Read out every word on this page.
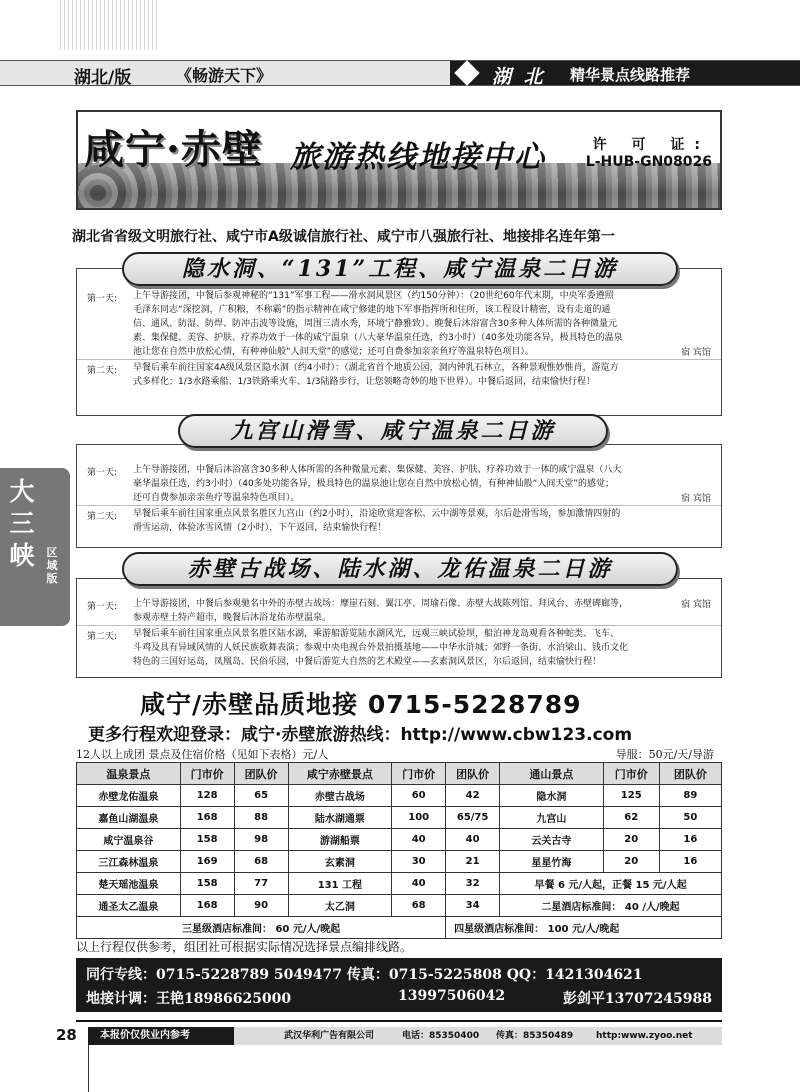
湖北/版	《畅游天下》	湖 北 精华景点线路推荐
咸宁·赤壁 旅游热线地接中心	许 可 证:
L-HUB-GN08026
湖北省省级文明旅行社、咸宁市A级诚信旅行社、咸宁市八强旅行社、地接排名连年第一
第一天:	上午导游接团，中餐后参观神秘的“131”军事工程——滑水洞风景区（约150分钟）：（20世纪60年代末期，中央军委遵照
毛泽东同志“深挖洞，广积粮，不称霸”的指示精神在咸宁修建的地下军事指挥所和住所，该工程设计精密，设有走道的通
信、通风、防湿、防焊、防冲击波等设施，周围三清水秀，环境宁静雅致）。晚餐后沐浴富含30多种人体所需的各种微量元
素、集保健、美容、护肤、疗养功效于一体的咸宁温泉（八大豪华温泉任选，约3小时）（40多处功能各异，极具特色的温泉
池让您在自然中放松心情，有种神仙般“人间天堂”的感觉；还可自费参加亲亲鱼疗等温泉特色项目）。	宿 宾馆
第二天:	早餐后乘车前往国家4A级风景区隐水洞（约4小时）：（湖北省首个地质公园，洞内钟乳石林立，各种景观惟妙惟肖，游览方
式多样化；1/3水路乘船、1/3铁路乘火车、1/3陆路步行，让您领略奇妙的地下世界）。中餐后返回，结束愉快行程！
隐水洞、“131”工程、咸宁温泉二日游
第一天:	上午导游接团，中餐后沐浴富含30多种人体所需的各种微量元素、集保健、美容、护肤、疗养功效于一体的咸宁温泉（八大
豪华温泉任选，约3小时）（40多处功能各异，极具特色的温泉池让您在自然中放松心情，有种神仙般“人间天堂”的感觉；
还可自费参加亲亲鱼疗等温泉特色项目）。	宿 宾馆
第二天:	早餐后乘车前往国家重点风景名胜区九宫山（约2小时），沿途欣赏迎客松、云中湖等景观，尔后赴滑雪场，参加激情四射的
滑雪运动，体验冰雪风情（2小时），下午返回，结束愉快行程！
九宫山滑雪、咸宁温泉二日游
第一天:	上午导游接团，中餐后参观驰名中外的赤壁古战场：摩崖石刻、翼江亭、周瑜石像、赤壁大战陈列馆、拜风台、赤壁碑廊等，
参观赤壁土特产超市，晚餐后沐浴龙佑赤壁温泉。
宿 宾馆
第二天:	早餐后乘车前往国家重点风景名胜区陆水湖，乘游船游览陆水湖风光，远观三峡试验坝，船泊神龙岛观看各种蛇类、飞车、
斗鸡及具有异域风情的人妖民族歌舞表演；参观中央电视台外景拍摄基地——中华水浒城；郊野一条街、水泊梁山、钱币文化
特色的三国好运岛，凤凰岛、民俗乐园，中餐后游览大自然的艺术殿堂——玄素洞风景区，尔后返回，结束愉快行程！
赤壁古战场、陆水湖、龙佑温泉二日游
大三峡	区域版
咸宁/赤壁品质地接 0715-5228789
更多行程欢迎登录：咸宁·赤壁旅游热线：http://www.cbw123.com
12人以上成团 景点及住宿价格（见如下表格）元/人	导服：50元/天/导游
温泉景点	门市价	团队价	咸宁赤壁景点	门市价	团队价	通山景点	门市价	团队价
赤壁龙佑温泉	128	65	赤壁古战场	60	42	隐水洞	125	89
嘉鱼山湖温泉	168	88	陆水湖通票	100	65/75	九宫山	62	50
咸宁温泉谷	158	98	游湖船票	40	40	云关古寺	20	16
三江森林温泉	169	68	玄素洞	30	21	星星竹海	20	16
楚天瑶池温泉	158	77	131 工程	40	32	早餐 6 元/人起，正餐 15 元/人起		
通圣太乙温泉	168	90	太乙洞	68	34	二星酒店标准间： 40 /人/晚起		
三星级酒店标准间： 60 元/人/晚起					四星级酒店标准间： 100 元/人/晚起			
以上行程仅供参考，组团社可根据实际情况选择景点编排线路。
同行专线：0715-5228789 5049477 传真：0715-5225808 QQ：1421304621
地接计调：王艳18986625000	13997506042	彭剑平13707245988
28	本报价仅供业内参考	武汉华利广告有限公司	电话：85350400 传真：85350489	http:www.zyoo.net
